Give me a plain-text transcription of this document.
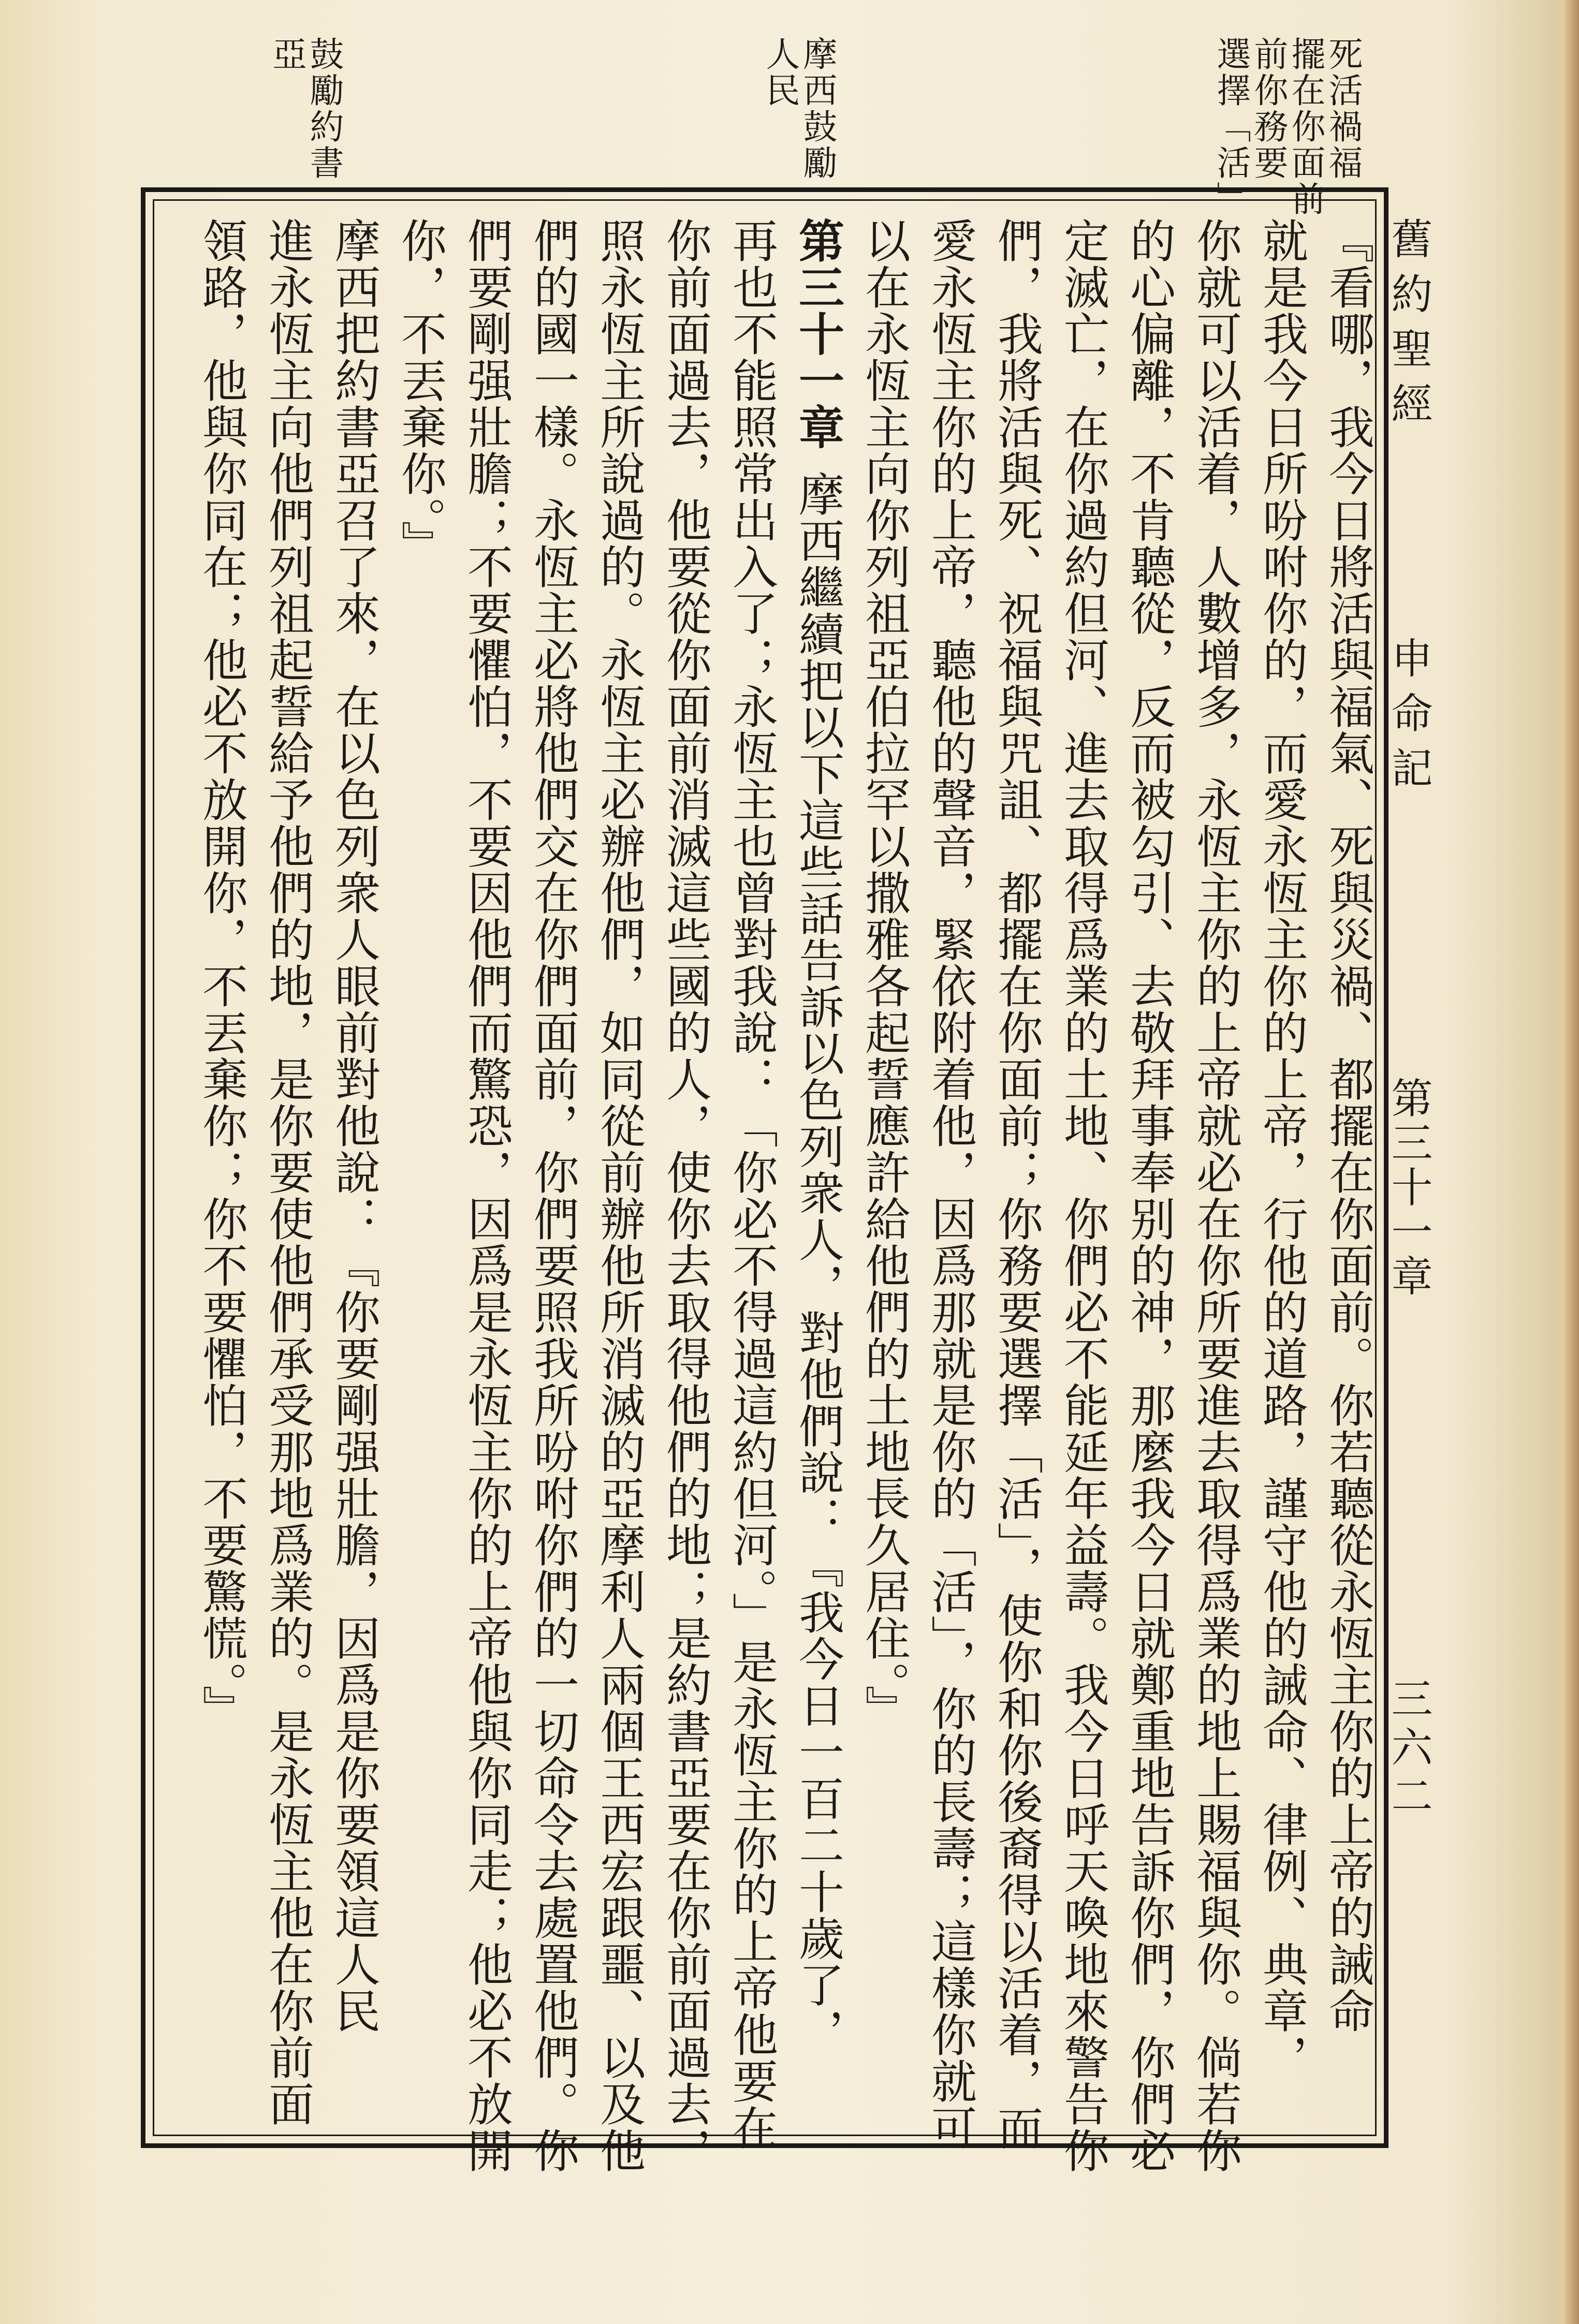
舊約聖經
申命記
第三十一章
三六二
死活禍福
擺在你面前
前你務要
選擇「活」
摩西鼓勵
人民
鼓勵約書
亞
『看哪，我今日將活與福氣、死與災禍、都擺在你面前。你若聽從永恆主你的上帝的誡命
就是我今日所吩咐你的，而愛永恆主你的上帝，行他的道路，謹守他的誡命、律例、典章，
你就可以活着，人數增多，永恆主你的上帝就必在你所要進去取得爲業的地上賜福與你。倘若你
的心偏離，不肯聽從，反而被勾引、去敬拜事奉别的神，那麼我今日就鄭重地告訴你們，你們必
定滅亡，在你過約但河、進去取得爲業的土地、你們必不能延年益壽。我今日呼天喚地來警告你
們，我將活與死、祝福與咒詛、都擺在你面前；你務要選擇「活」，使你和你後裔得以活着，而
愛永恆主你的上帝，聽他的聲音，緊依附着他，因爲那就是你的「活」，你的長壽；這樣你就可
以在永恆主向你列祖亞伯拉罕以撒雅各起誓應許給他們的土地長久居住。』
第三十一章摩西繼續把以下這些話告訴以色列衆人，對他們說：『我今日一百二十歲了，
再也不能照常出入了；永恆主也曾對我說：「你必不得過這約但河。」是永恆主你的上帝他要在
你前面過去，他要從你面前消滅這些國的人，使你去取得他們的地；是約書亞要在你前面過去，
照永恆主所說過的。永恆主必辦他們，如同從前辦他所消滅的亞摩利人兩個王西宏跟噩、以及他
們的國一樣。永恆主必將他們交在你們面前，你們要照我所吩咐你們的一切命令去處置他們。你
們要剛强壯膽；不要懼怕，不要因他們而驚恐，因爲是永恆主你的上帝他與你同走；他必不放開
你，不丟棄你。』
摩西把約書亞召了來，在以色列衆人眼前對他說：『你要剛强壯膽，因爲是你要領這人民
進永恆主向他們列祖起誓給予他們的地，是你要使他們承受那地爲業的。是永恆主他在你前面
領路，他與你同在；他必不放開你，不丟棄你；你不要懼怕，不要驚慌。』
